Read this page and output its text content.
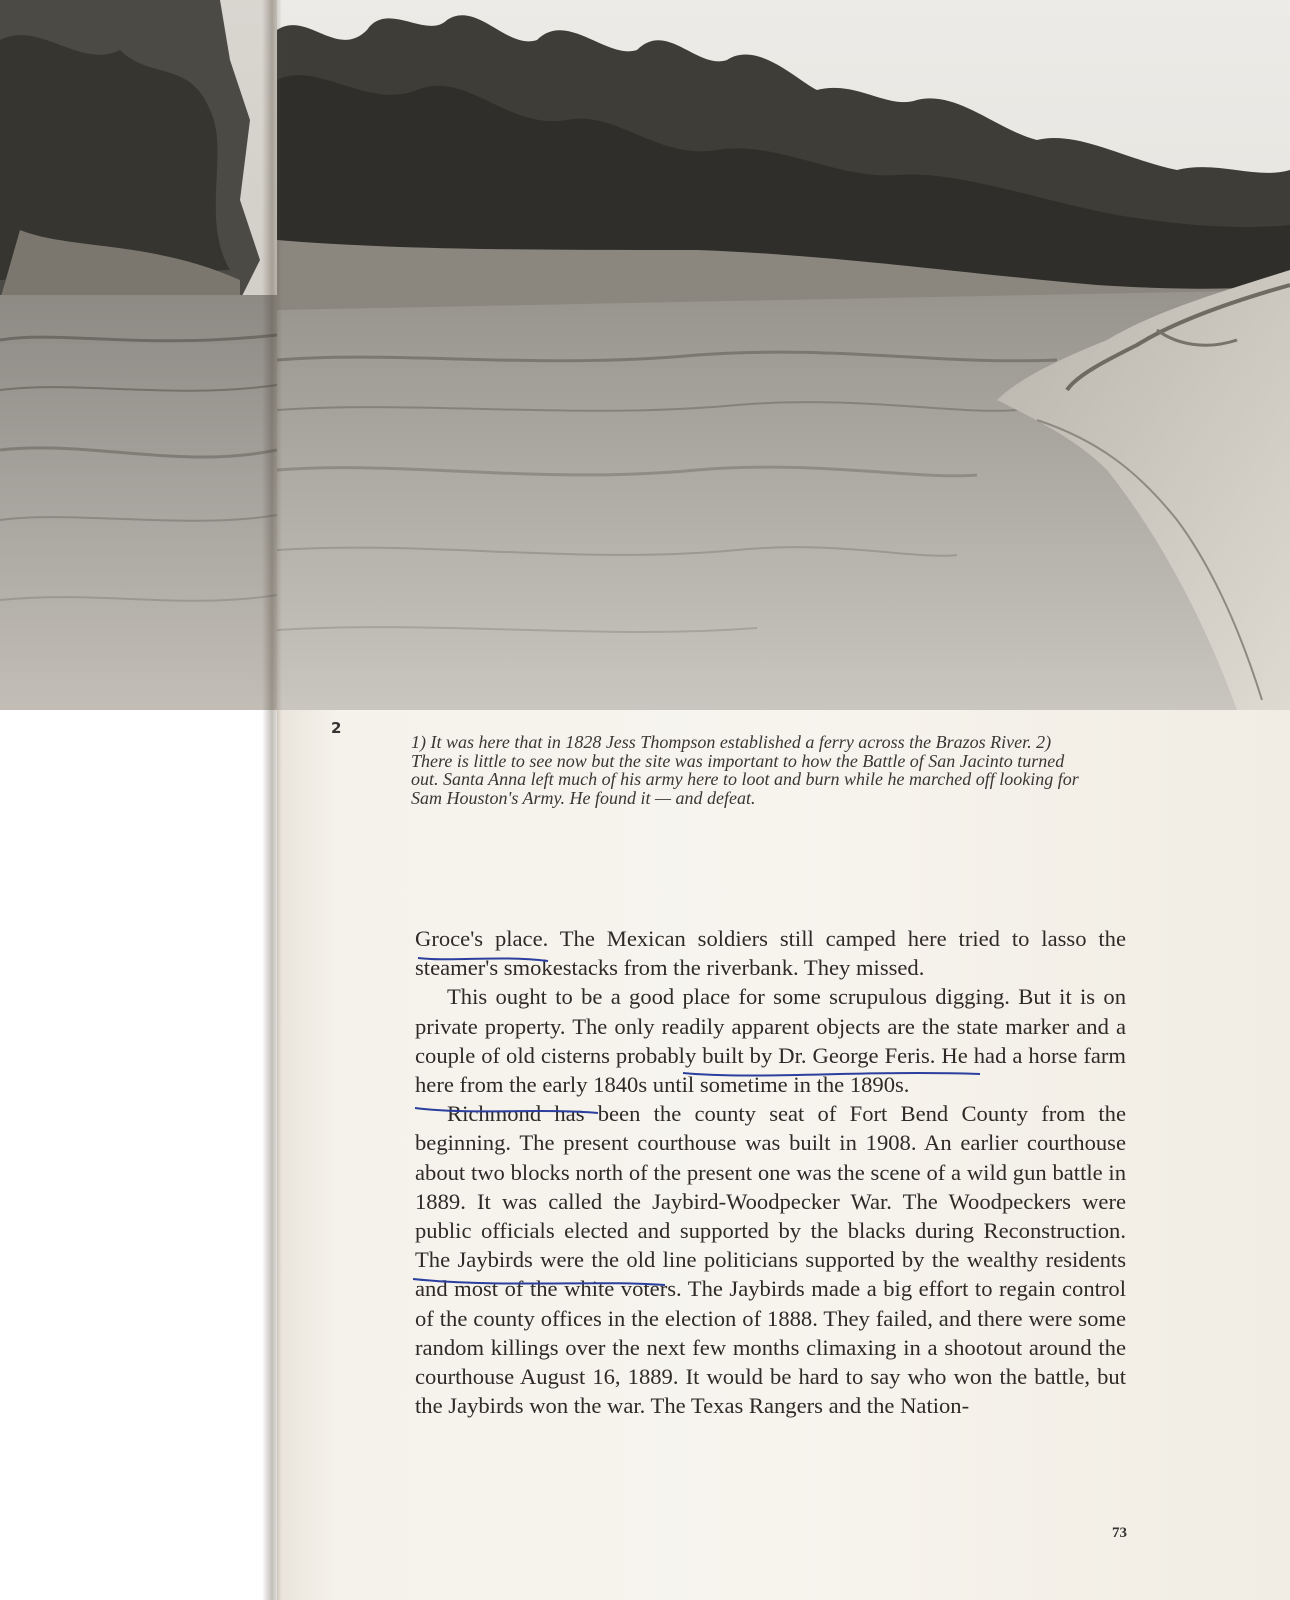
2

1) It was here that in 1828 Jess Thompson established a ferry across the Brazos River. 2) There is little to see now but the site was important to how the Battle of San Jacinto turned out. Santa Anna left much of his army here to loot and burn while he marched off looking for Sam Houston's Army. He found it — and defeat.

Groce's place. The Mexican soldiers still camped here tried to lasso the steamer's smokestacks from the riverbank. They missed.

This ought to be a good place for some scrupulous digging. But it is on private property. The only readily apparent objects are the state marker and a couple of old cisterns probably built by Dr. George Feris. He had a horse farm here from the early 1840s until sometime in the 1890s.

Richmond has been the county seat of Fort Bend County from the beginning. The present courthouse was built in 1908. An earlier courthouse about two blocks north of the present one was the scene of a wild gun battle in 1889. It was called the Jaybird-Woodpecker War. The Woodpeckers were public officials elected and supported by the blacks during Reconstruction. The Jaybirds were the old line politicians supported by the wealthy residents and most of the white voters. The Jaybirds made a big effort to regain control of the county offices in the election of 1888. They failed, and there were some random killings over the next few months climaxing in a shootout around the courthouse August 16, 1889. It would be hard to say who won the battle, but the Jaybirds won the war. The Texas Rangers and the Nation-

73
